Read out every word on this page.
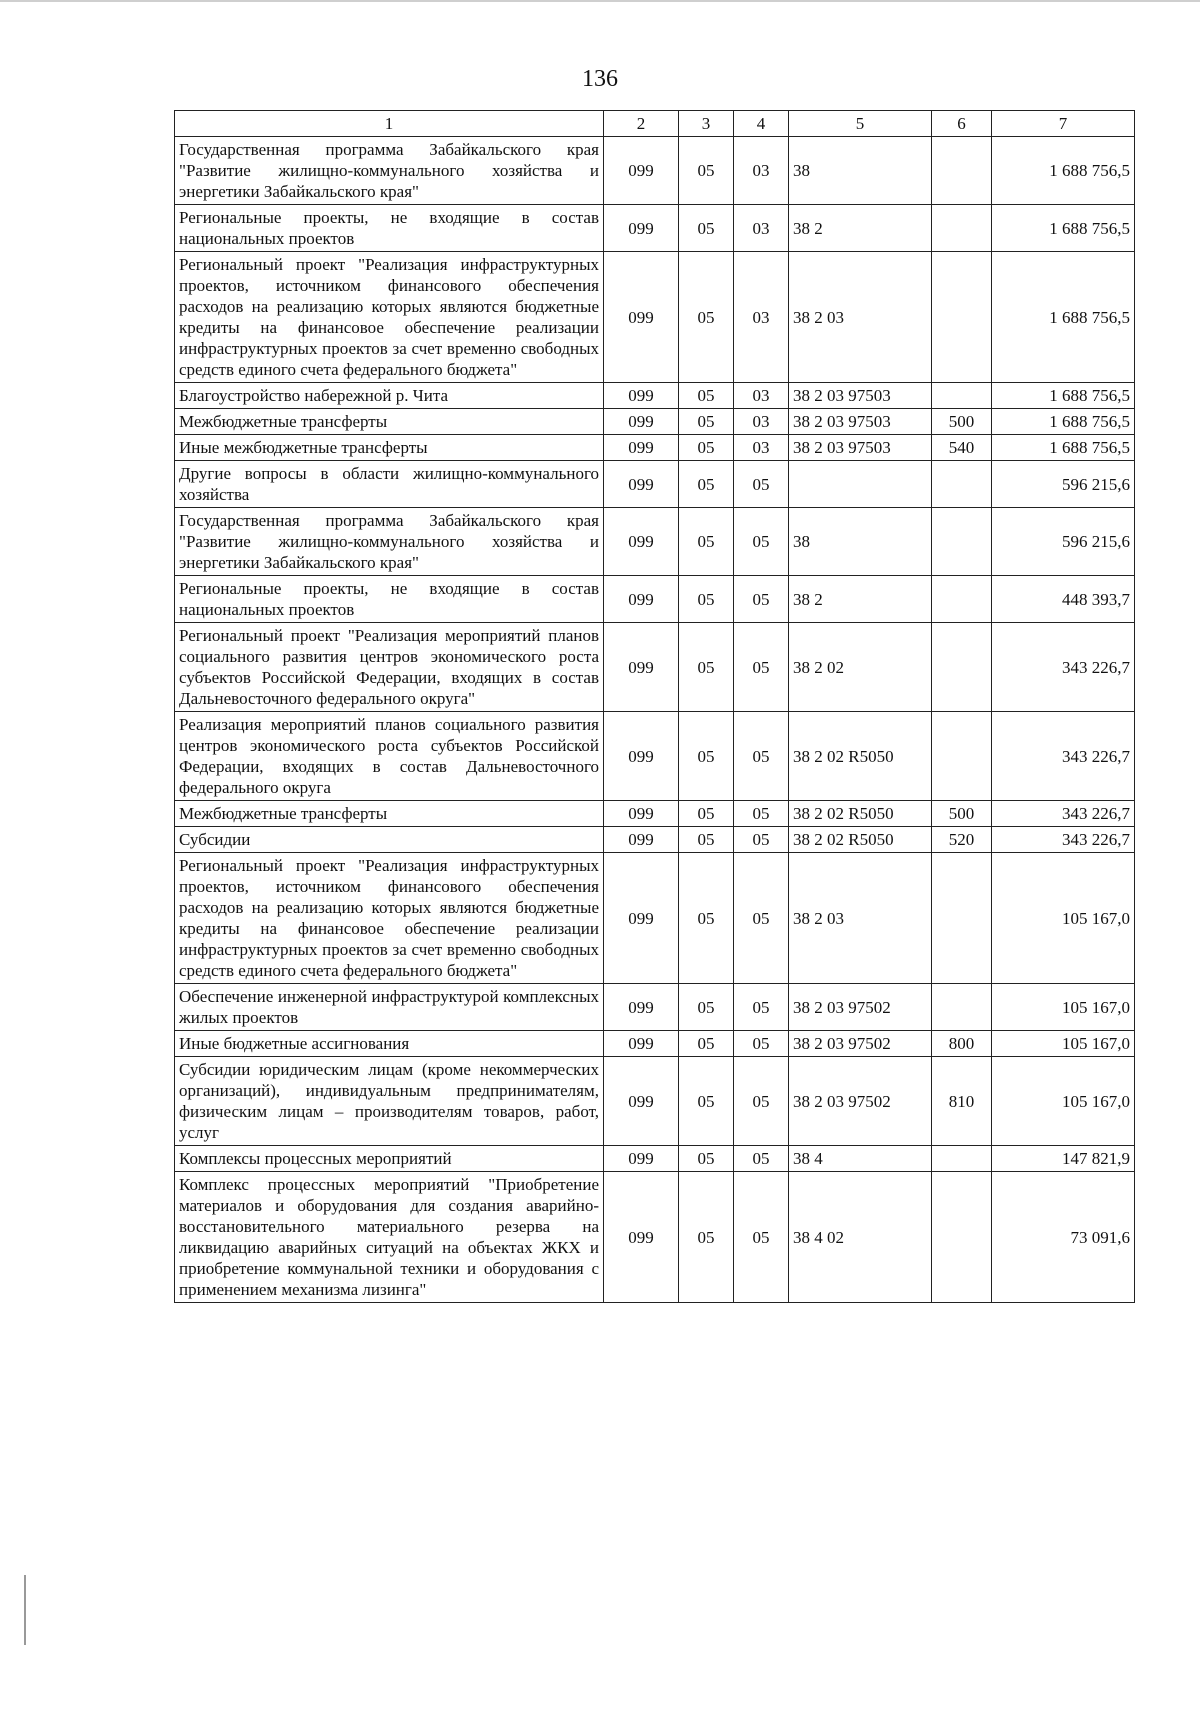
136
1	2	3	4	5	6	7
Государственная программа Забайкальского края "Развитие жилищно-коммунального хозяйства и энергетики Забайкальского края"	099	05	03	38		1 688 756,5
Региональные проекты, не входящие в состав национальных проектов	099	05	03	38 2		1 688 756,5
Региональный проект "Реализация инфраструктурных проектов, источником финансового обеспечения расходов на реализацию которых являются бюджетные кредиты на финансовое обеспечение реализации инфраструктурных проектов за счет временно свободных средств единого счета федерального бюджета"	099	05	03	38 2 03		1 688 756,5
Благоустройство набережной р. Чита	099	05	03	38 2 03 97503		1 688 756,5
Межбюджетные трансферты	099	05	03	38 2 03 97503	500	1 688 756,5
Иные межбюджетные трансферты	099	05	03	38 2 03 97503	540	1 688 756,5
Другие вопросы в области жилищно-коммунального хозяйства	099	05	05			596 215,6
Государственная программа Забайкальского края "Развитие жилищно-коммунального хозяйства и энергетики Забайкальского края"	099	05	05	38		596 215,6
Региональные проекты, не входящие в состав национальных проектов	099	05	05	38 2		448 393,7
Региональный проект "Реализация мероприятий планов социального развития центров экономического роста субъектов Российской Федерации, входящих в состав Дальневосточного федерального округа"	099	05	05	38 2 02		343 226,7
Реализация мероприятий планов социального развития центров экономического роста субъектов Российской Федерации, входящих в состав Дальневосточного федерального округа	099	05	05	38 2 02 R5050		343 226,7
Межбюджетные трансферты	099	05	05	38 2 02 R5050	500	343 226,7
Субсидии	099	05	05	38 2 02 R5050	520	343 226,7
Региональный проект "Реализация инфраструктурных проектов, источником финансового обеспечения расходов на реализацию которых являются бюджетные кредиты на финансовое обеспечение реализации инфраструктурных проектов за счет временно свободных средств единого счета федерального бюджета"	099	05	05	38 2 03		105 167,0
Обеспечение инженерной инфраструктурой комплексных жилых проектов	099	05	05	38 2 03 97502		105 167,0
Иные бюджетные ассигнования	099	05	05	38 2 03 97502	800	105 167,0
Субсидии юридическим лицам (кроме некоммерческих организаций), индивидуальным предпринимателям, физическим лицам – производителям товаров, работ, услуг	099	05	05	38 2 03 97502	810	105 167,0
Комплексы процессных мероприятий	099	05	05	38 4		147 821,9
Комплекс процессных мероприятий "Приобретение материалов и оборудования для создания аварийно-восстановительного материального резерва на ликвидацию аварийных ситуаций на объектах ЖКХ и приобретение коммунальной техники и оборудования с применением механизма лизинга"	099	05	05	38 4 02		73 091,6
